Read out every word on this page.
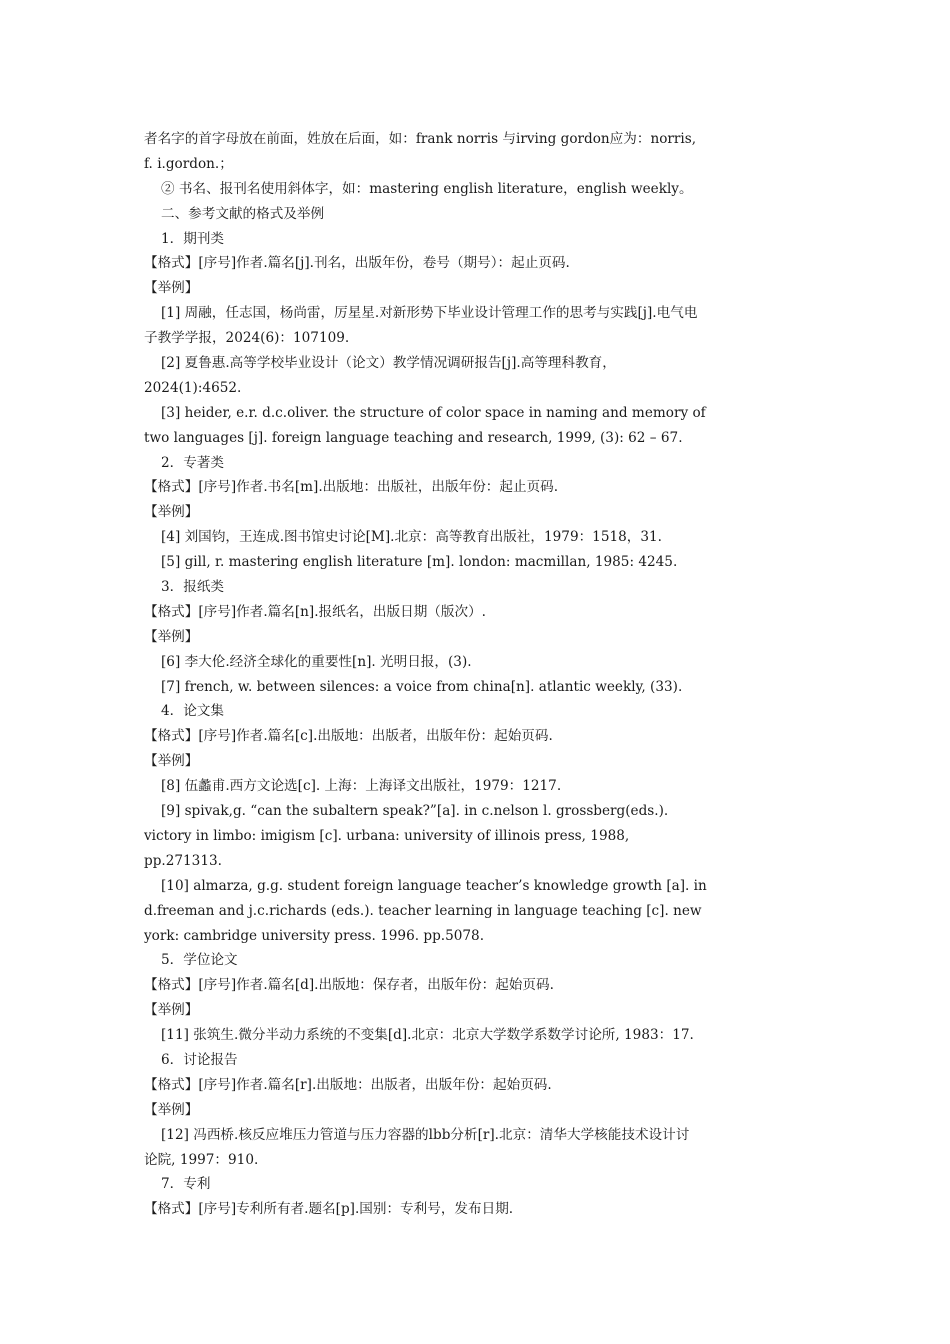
者名字的首字母放在前面，姓放在后面，如：frank norris 与irving gordon应为：norris,
f. i.gordon.；
② 书名、报刊名使用斜体字，如：mastering english literature，english weekly。
二、参考文献的格式及举例
1．期刊类
【格式】[序号]作者.篇名[j].刊名，出版年份，卷号（期号）：起止页码.
【举例】
[1] 周融，任志国，杨尚雷，厉星星.对新形势下毕业设计管理工作的思考与实践[j].电气电
子教学学报，2024(6)：107109.
[2] 夏鲁惠.高等学校毕业设计（论文）教学情况调研报告[j].高等理科教育，
2024(1):4652.
[3] heider, e.r. d.c.oliver. the structure of color space in naming and memory of
two languages [j]. foreign language teaching and research, 1999, (3): 62 – 67.
2．专著类
【格式】[序号]作者.书名[m].出版地：出版社，出版年份：起止页码.
【举例】
[4] 刘国钧，王连成.图书馆史讨论[M].北京：高等教育出版社，1979：1518，31.
[5] gill, r. mastering english literature [m]. london: macmillan, 1985: 4245.
3．报纸类
【格式】[序号]作者.篇名[n].报纸名，出版日期（版次）.
【举例】
[6] 李大伦.经济全球化的重要性[n]. 光明日报，(3).
[7] french, w. between silences: a voice from china[n]. atlantic weekly, (33).
4．论文集
【格式】[序号]作者.篇名[c].出版地：出版者，出版年份：起始页码.
【举例】
[8] 伍蠡甫.西方文论选[c]. 上海：上海译文出版社，1979：1217.
[9] spivak,g. “can the subaltern speak?”[a]. in c.nelson l. grossberg(eds.).
victory in limbo: imigism [c]. urbana: university of illinois press, 1988,
pp.271313.
[10] almarza, g.g. student foreign language teacher’s knowledge growth [a]. in
d.freeman and j.c.richards (eds.). teacher learning in language teaching [c]. new
york: cambridge university press. 1996. pp.5078.
5．学位论文
【格式】[序号]作者.篇名[d].出版地：保存者，出版年份：起始页码.
【举例】
[11] 张筑生.微分半动力系统的不变集[d].北京：北京大学数学系数学讨论所, 1983：17.
6．讨论报告
【格式】[序号]作者.篇名[r].出版地：出版者，出版年份：起始页码.
【举例】
[12] 冯西桥.核反应堆压力管道与压力容器的lbb分析[r].北京：清华大学核能技术设计讨
论院, 1997：910.
7．专利
【格式】[序号]专利所有者.题名[p].国别：专利号，发布日期.
